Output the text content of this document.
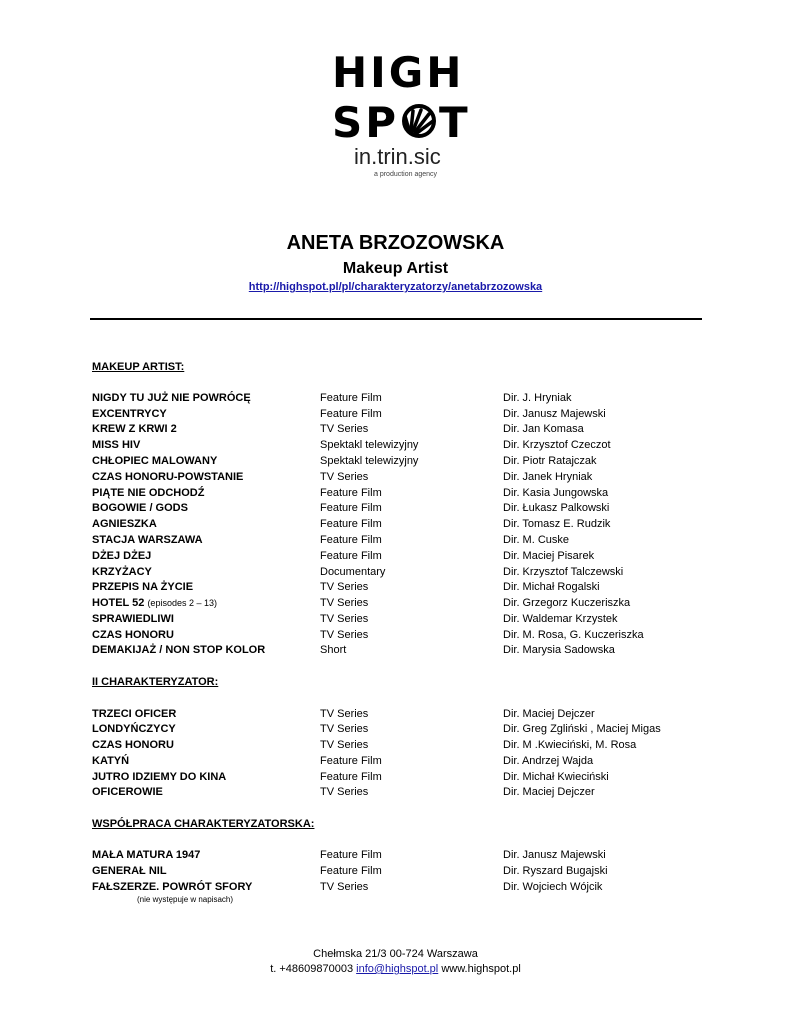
HIGH
SP T
in.trin.sic
a production agency
ANETA BRZOZOWSKA
Makeup Artist
http://highspot.pl/pl/charakteryzatorzy/anetabrzozowska
MAKEUP ARTIST:
NIGDY TU JUŻ NIE POWRÓCĘ	Feature Film	Dir. J. Hryniak
EXCENTRYCY	Feature Film	Dir. Janusz Majewski
KREW Z KRWI 2	TV Series	Dir. Jan Komasa
MISS HIV	Spektakl telewizyjny	Dir. Krzysztof Czeczot
CHŁOPIEC MALOWANY	Spektakl telewizyjny	Dir. Piotr Ratajczak
CZAS HONORU-POWSTANIE	TV Series	Dir. Janek Hryniak
PIĄTE NIE ODCHODŹ	Feature Film	Dir. Kasia Jungowska
BOGOWIE / GODS	Feature Film	Dir. Łukasz Palkowski
AGNIESZKA	Feature Film	Dir. Tomasz E. Rudzik
STACJA WARSZAWA	Feature Film	Dir. M. Cuske
DŻEJ DŻEJ	Feature Film	Dir. Maciej Pisarek
KRZYŻACY	Documentary	Dir. Krzysztof Talczewski
PRZEPIS NA ŻYCIE	TV Series	Dir. Michał Rogalski
HOTEL 52 (episodes 2 – 13)	TV Series	Dir. Grzegorz Kuczeriszka
SPRAWIEDLIWI	TV Series	Dir. Waldemar Krzystek
CZAS HONORU	TV Series	Dir. M. Rosa, G. Kuczeriszka
DEMAKIJAŻ / NON STOP KOLOR	Short	Dir. Marysia Sadowska
II CHARAKTERYZATOR:
TRZECI OFICER	TV Series	Dir. Maciej Dejczer
LONDYŃCZYCY	TV Series	Dir. Greg Zgliński , Maciej Migas
CZAS HONORU	TV Series	Dir. M .Kwieciński, M. Rosa
KATYŃ	Feature Film	Dir. Andrzej Wajda
JUTRO IDZIEMY DO KINA	Feature Film	Dir. Michał Kwieciński
OFICEROWIE	TV Series	Dir. Maciej Dejczer
WSPÓŁPRACA CHARAKTERYZATORSKA:
MAŁA MATURA 1947	Feature Film	Dir. Janusz Majewski
GENERAŁ NIL	Feature Film	Dir. Ryszard Bugajski
FAŁSZERZE. POWRÓT SFORY	TV Series	Dir. Wojciech Wójcik
(nie występuje w napisach)
Chełmska 21/3 00-724 Warszawa
t. +48609870003 info@highspot.pl www.highspot.pl
